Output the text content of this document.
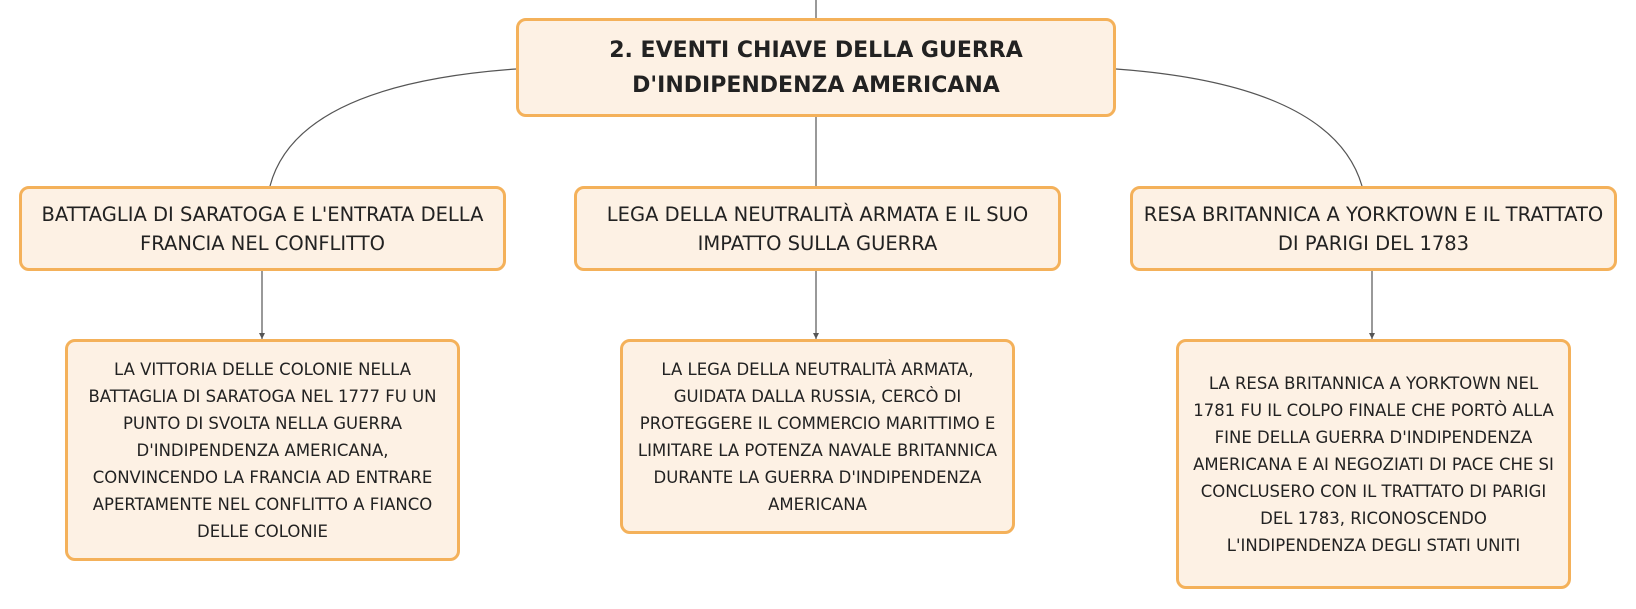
2. EVENTI CHIAVE DELLA GUERRA D'INDIPENDENZA AMERICANA
BATTAGLIA DI SARATOGA E L'ENTRATA DELLA FRANCIA NEL CONFLITTO
LEGA DELLA NEUTRALITÀ ARMATA E IL SUO IMPATTO SULLA GUERRA
RESA BRITANNICA A YORKTOWN E IL TRATTATO DI PARIGI DEL 1783
LA VITTORIA DELLE COLONIE NELLA BATTAGLIA DI SARATOGA NEL 1777 FU UN PUNTO DI SVOLTA NELLA GUERRA D'INDIPENDENZA AMERICANA, CONVINCENDO LA FRANCIA AD ENTRARE APERTAMENTE NEL CONFLITTO A FIANCO DELLE COLONIE
LA LEGA DELLA NEUTRALITÀ ARMATA, GUIDATA DALLA RUSSIA, CERCÒ DI PROTEGGERE IL COMMERCIO MARITTIMO E LIMITARE LA POTENZA NAVALE BRITANNICA DURANTE LA GUERRA D'INDIPENDENZA AMERICANA
LA RESA BRITANNICA A YORKTOWN NEL 1781 FU IL COLPO FINALE CHE PORTÒ ALLA FINE DELLA GUERRA D'INDIPENDENZA AMERICANA E AI NEGOZIATI DI PACE CHE SI CONCLUSERO CON IL TRATTATO DI PARIGI DEL 1783, RICONOSCENDO L'INDIPENDENZA DEGLI STATI UNITI
